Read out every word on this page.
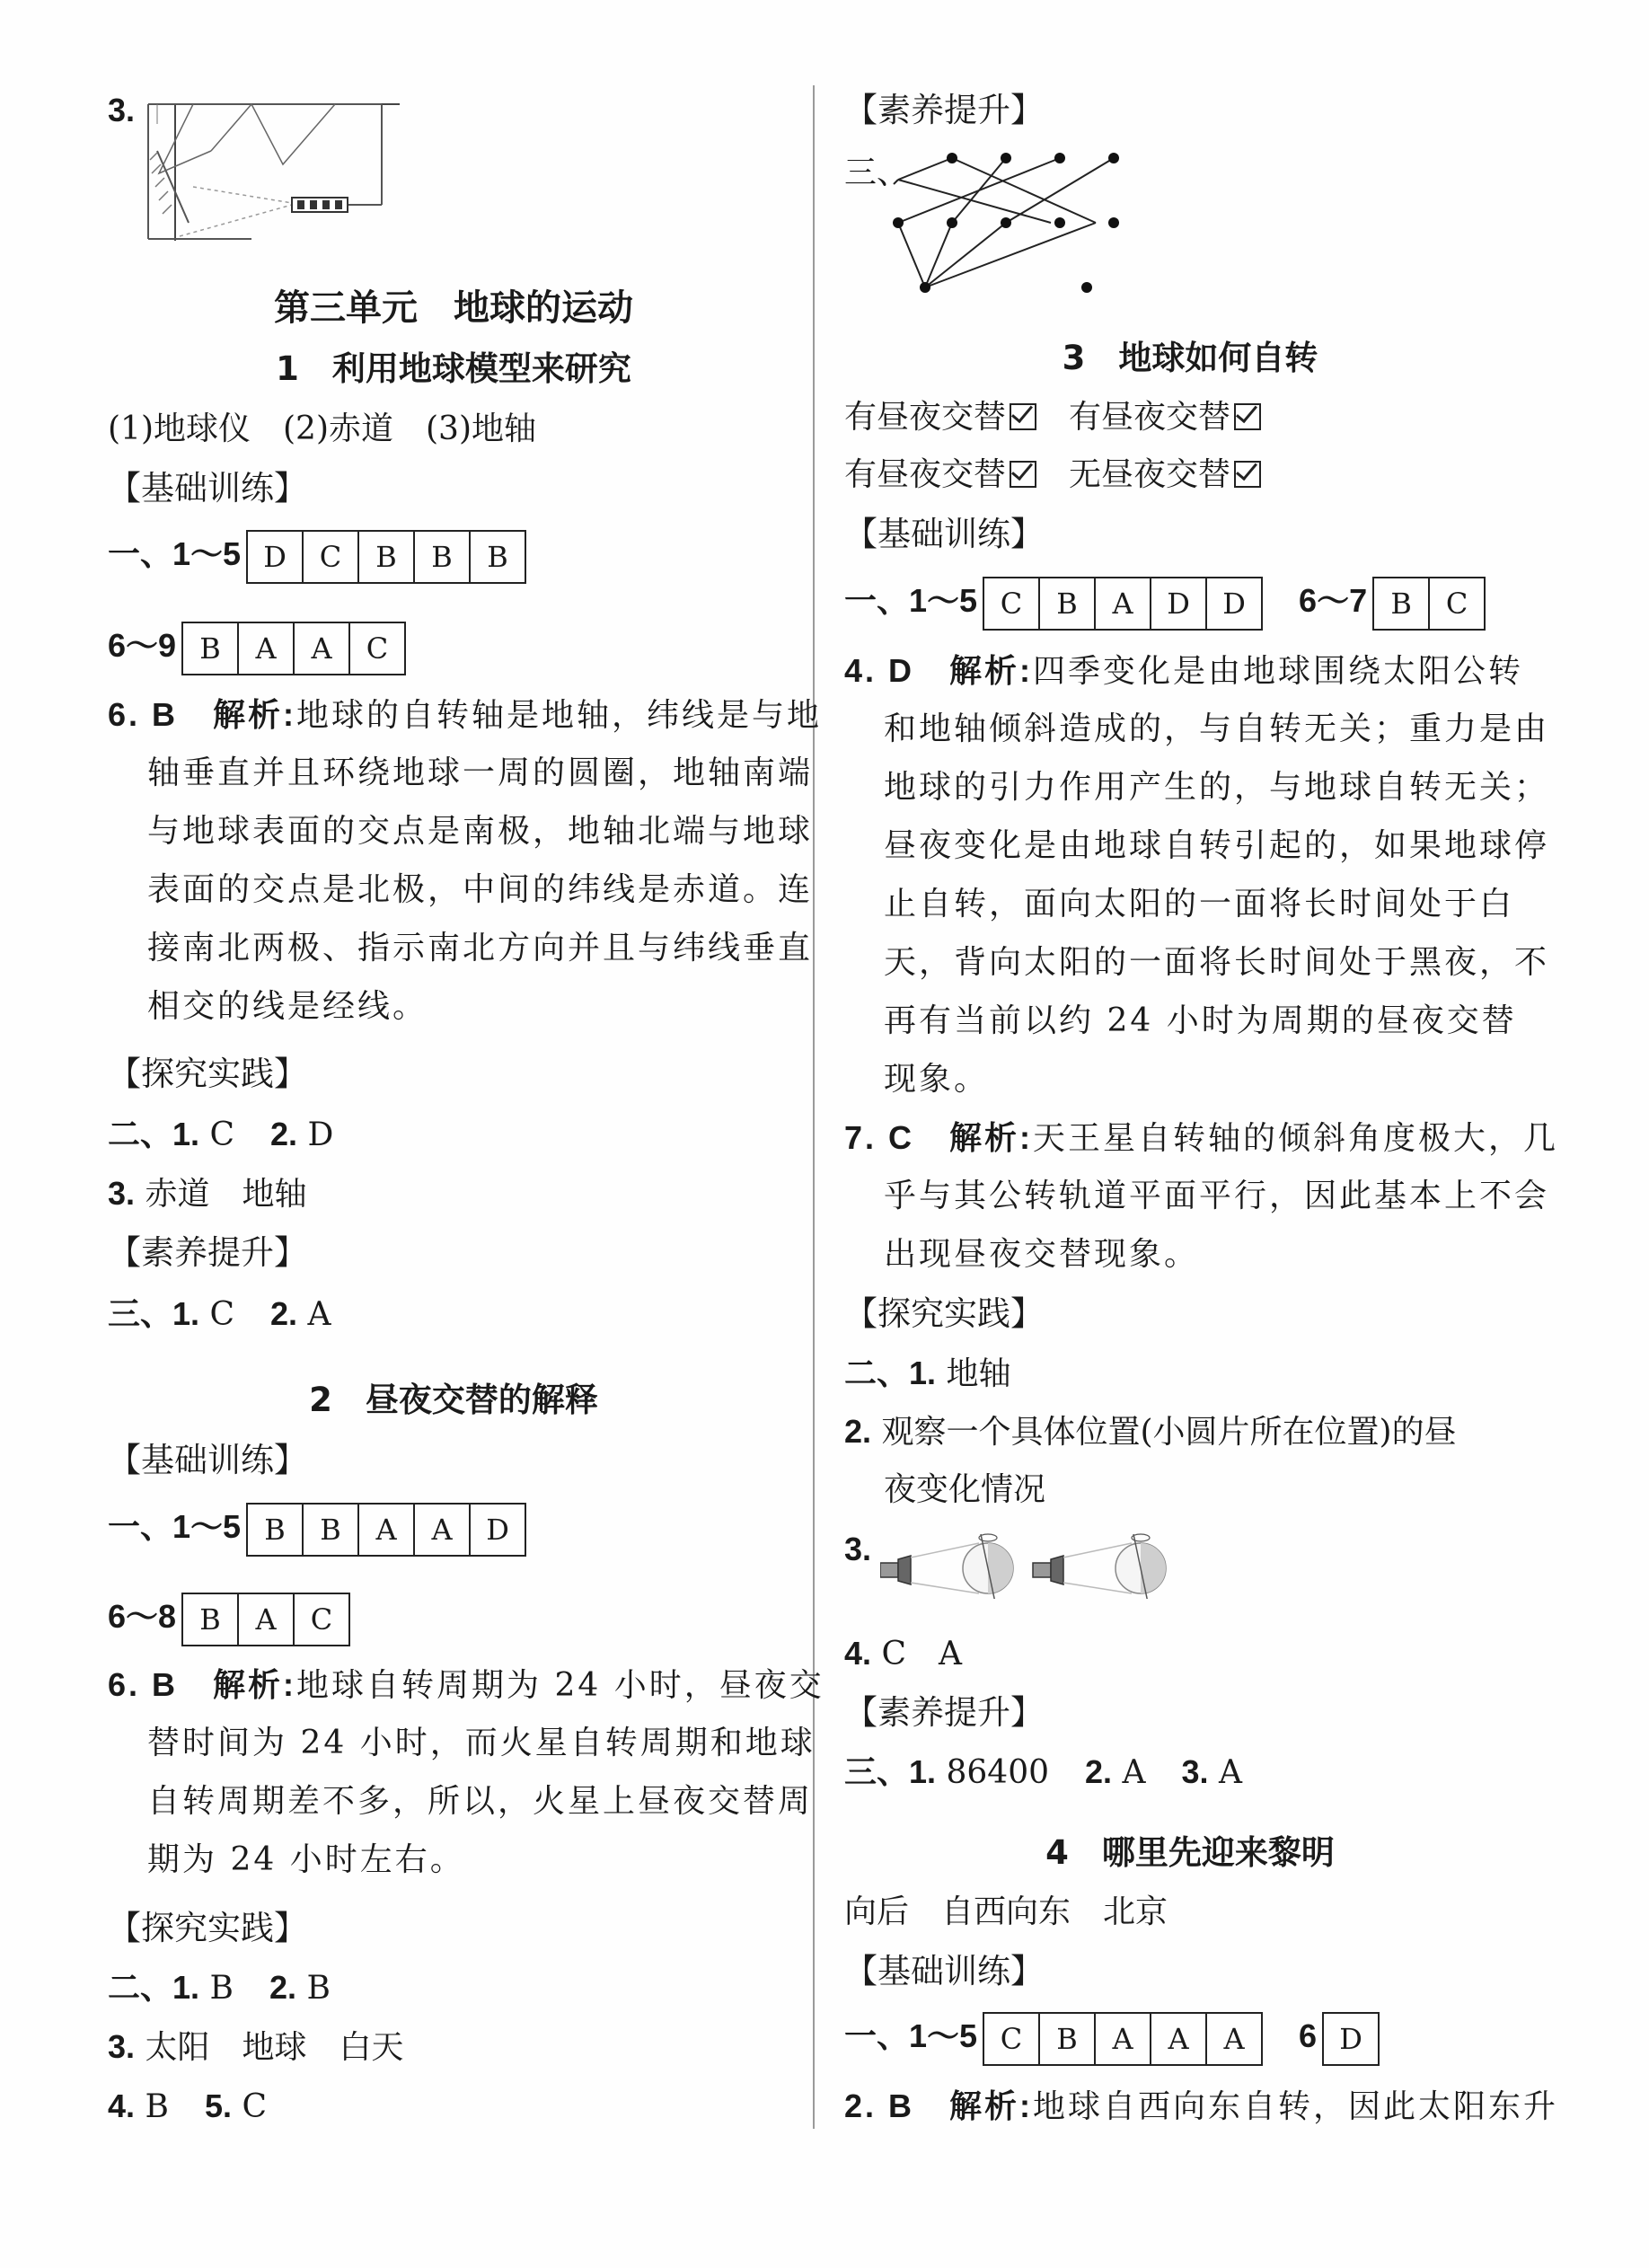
3.
第三单元　地球的运动
1　利用地球模型来研究
(1)地球仪　(2)赤道　(3)地轴
【基础训练】
一、1～5 D	C	B	B	B
6～9 B	A	A	C
6. B　 解析:地球的自转轴是地轴，纬线是与地
轴垂直并且环绕地球一周的圆圈，地轴南端
与地球表面的交点是南极，地轴北端与地球
表面的交点是北极，中间的纬线是赤道。连
接南北两极、指示南北方向并且与纬线垂直
相交的线是经线。
【探究实践】
二、1. C 2. D
3. 赤道　地轴
【素养提升】
三、1. C 2. A
2　昼夜交替的解释
【基础训练】
一、1～5 B	B	A	A	D
6～8 B	A	C
6. B　 解析:地球自转周期为 24 小时，昼夜交
替时间为 24 小时，而火星自转周期和地球
自转周期差不多，所以，火星上昼夜交替周
期为 24 小时左右。
【探究实践】
二、1. B 2. B
3. 太阳　地球　白天
4. B 5. C
【素养提升】
三、
3　地球如何自转
有昼夜交替　 有昼夜交替
有昼夜交替　 无昼夜交替
【基础训练】
一、1～5 C	B	A	D	D	6～7 B	C
4. D　 解析:四季变化是由地球围绕太阳公转
和地轴倾斜造成的，与自转无关；重力是由
地球的引力作用产生的，与地球自转无关；
昼夜变化是由地球自转引起的，如果地球停
止自转，面向太阳的一面将长时间处于白
天，背向太阳的一面将长时间处于黑夜，不
再有当前以约 24 小时为周期的昼夜交替
现象。
7. C　 解析:天王星自转轴的倾斜角度极大，几
乎与其公转轨道平面平行，因此基本上不会
出现昼夜交替现象。
【探究实践】
二、1. 地轴
2. 观察一个具体位置(小圆片所在位置)的昼
夜变化情况
3.
4. C　A
【素养提升】
三、1. 86400 2. A 3. A
4　哪里先迎来黎明
向后　自西向东　北京
【基础训练】
一、1～5 C	B	A	A	A	6 D
2. B　 解析:地球自西向东自转，因此太阳东升
